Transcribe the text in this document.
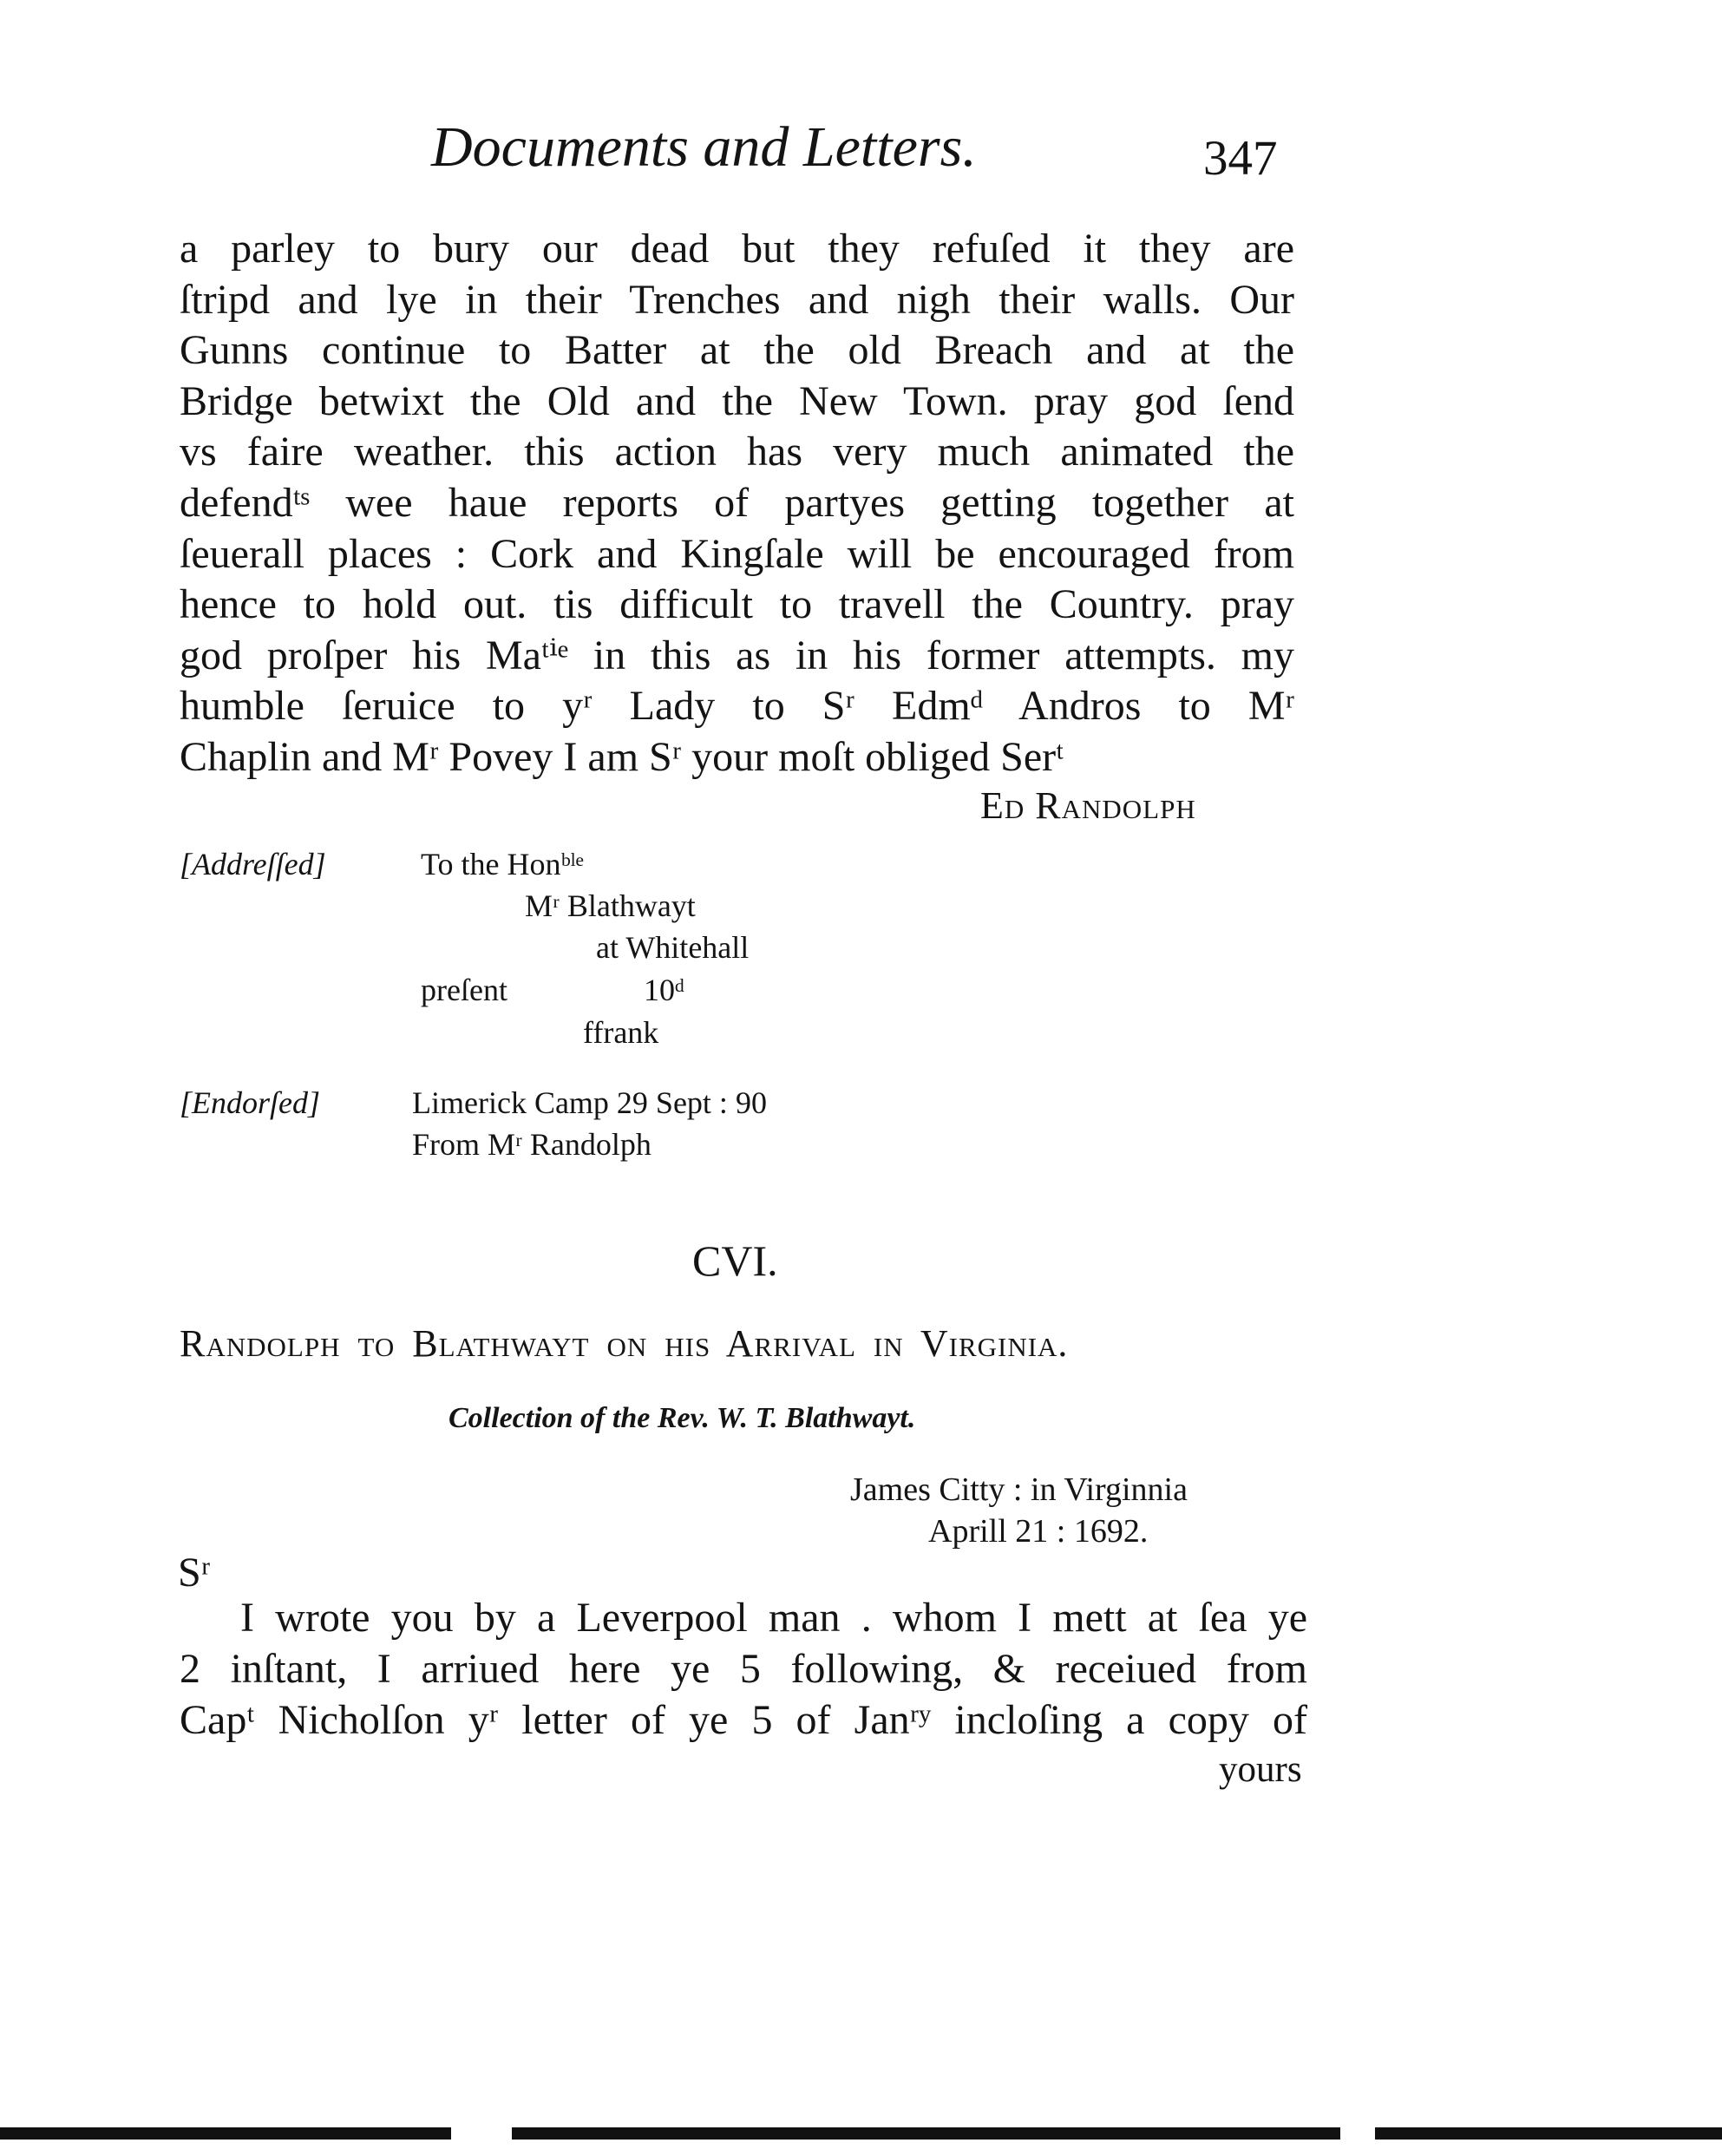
Documents and Letters.	347
a parley to bury our dead but they refuſed it they are
ſtripd and lye in their Trenches and nigh their walls. Our
Gunns continue to Batter at the old Breach and at the
Bridge betwixt the Old and the New Town. pray god ſend
vs faire weather. this action has very much animated the
defendᵗˢ wee haue reports of partyes getting together at
ſeuerall places : Cork and Kingſale will be encouraged from
hence to hold out. tis difficult to travell the Country. pray
god proſper his Maᵗⁱᵉ in this as in his former attempts. my
humble ſeruice to yʳ Lady to Sʳ Edmᵈ Andros to Mʳ
Chaplin and Mʳ Povey I am Sʳ your moſt obliged Serᵗ
Ed Randolph
[Addreſſed]	To the Honᵇˡᵉ
Mʳ Blathwayt
at Whitehall
preſent	10ᵈ
ffrank
[Endorſed]	Limerick Camp 29 Sept : 90
From Mʳ Randolph
CVI.
Randolph to Blathwayt on his Arrival in Virginia.
Collection of the Rev. W. T. Blathwayt.
James Citty : in Virginnia
Aprill 21 : 1692.
Sʳ
I wrote you by a Leverpool man . whom I mett at ſea ye
2 inſtant, I arriued here ye 5 following, & receiued from
Capᵗ Nicholſon yʳ letter of ye 5 of Janʳʸ incloſing a copy of
yours
